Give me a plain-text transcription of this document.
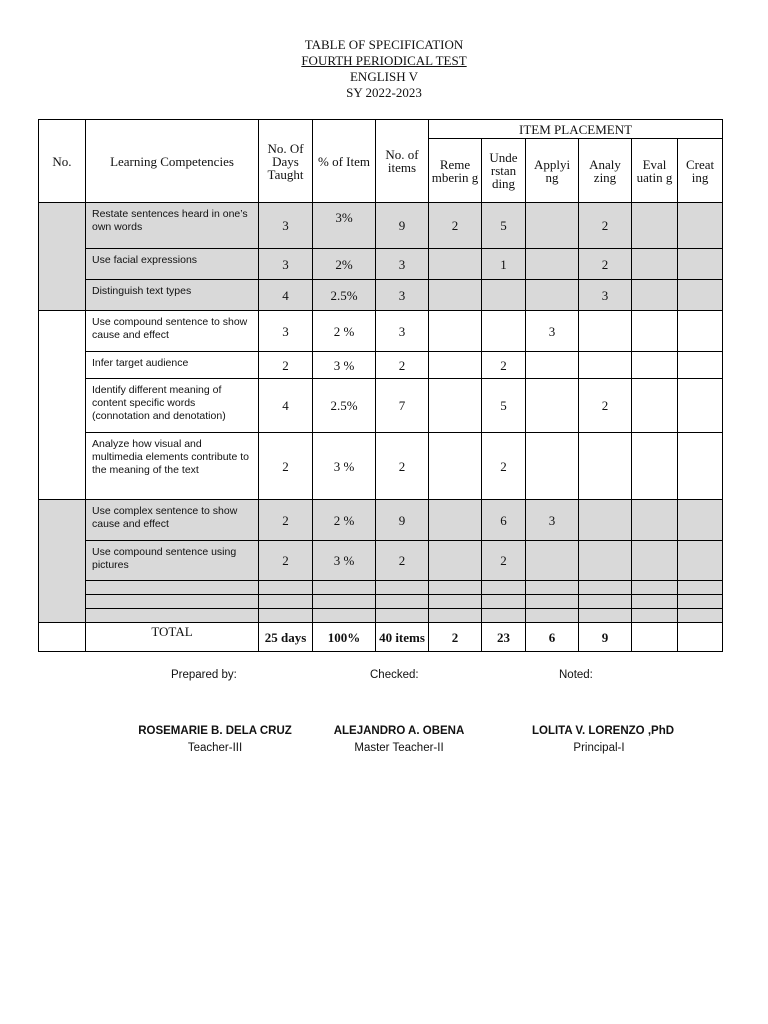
TABLE OF SPECIFICATION
FOURTH PERIODICAL TEST
ENGLISH V
SY 2022-2023
No.	Learning Competencies	No. Of Days Taught	% of Item	No. of items	ITEM PLACEMENT					
					Reme mberin g	Unde rstan ding	Applyi ng	Analy zing	Eval uatin g	Creat ing
	Restate sentences heard in one’s own words	3	3%	9	2	5		2		
	Use facial expressions	3	2%	3		1		2		
	Distinguish text types	4	2.5%	3				3		
	Use compound sentence to show cause and effect	3	2 %	3			3			
	Infer target audience	2	3 %	2		2				
	Identify different meaning of content specific words (connotation and denotation)	4	2.5%	7		5		2		
	Analyze how visual and multimedia elements contribute to the meaning of the text	2	3 %	2		2				
	Use complex sentence to show cause and effect	2	2 %	9		6	3			
	Use compound sentence using pictures	2	3 %	2		2				

	TOTAL	25 days	100%	40 items	2	23	6	9		
Prepared by:	Checked:	Noted:
ROSEMARIE B. DELA CRUZ
Teacher-III
ALEJANDRO A. OBENA
Master Teacher-II
LOLITA V. LORENZO ,PhD
Principal-I
